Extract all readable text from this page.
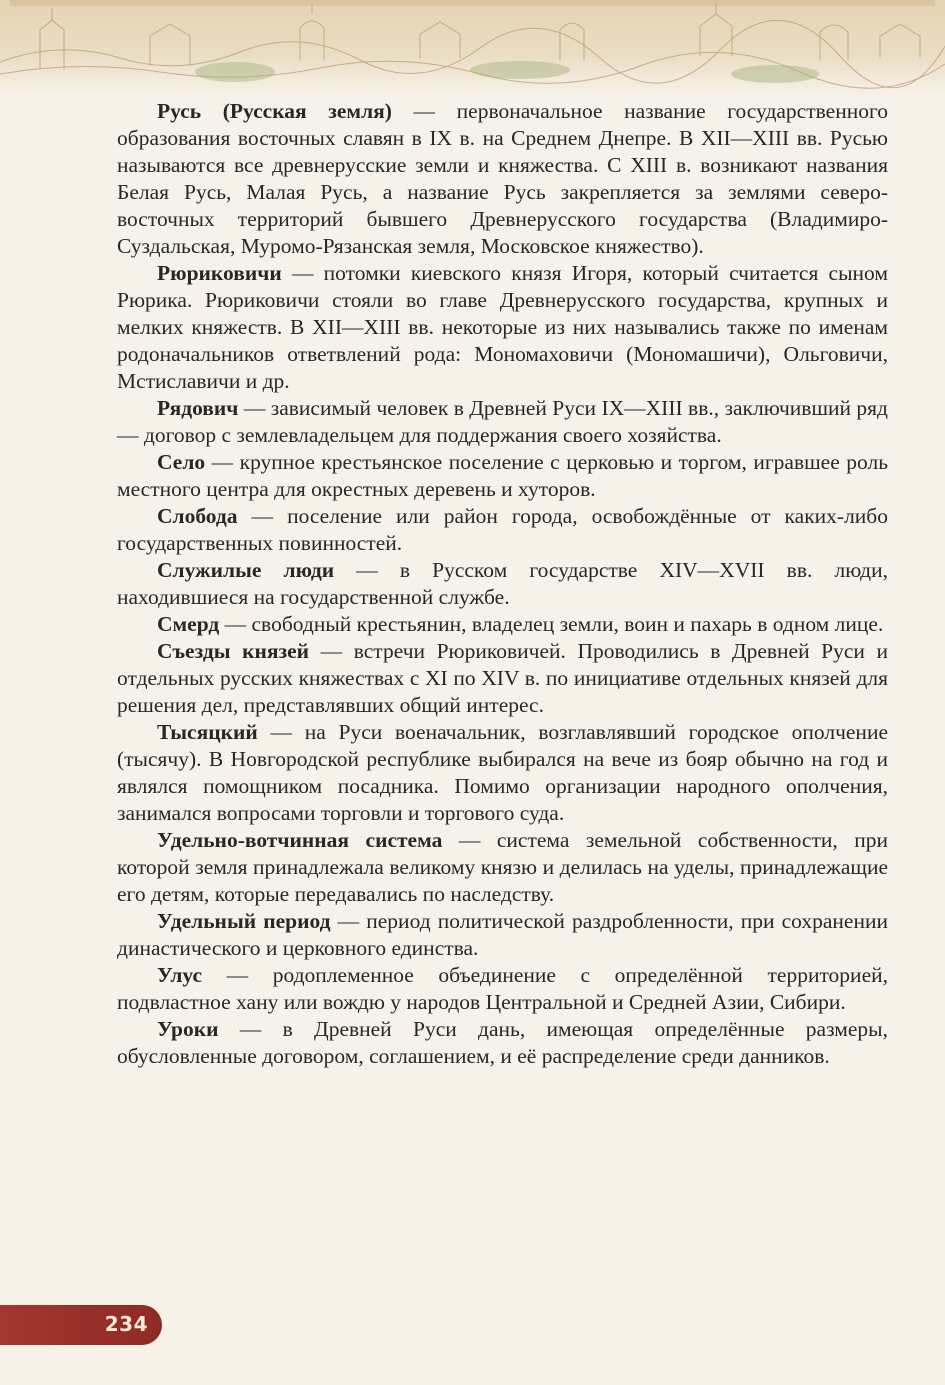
Русь (Русская земля) — первоначальное название государственного образования восточных славян в IX в. на Среднем Днепре. В XII—XIII вв. Русью называются все древнерусские земли и княжества. С XIII в. возникают названия Белая Русь, Малая Русь, а название Русь закрепляется за землями северо-восточных территорий бывшего Древнерусского государства (Владимиро-Суздальская, Муромо-Рязанская земля, Московское княжество).

Рюриковичи — потомки киевского князя Игоря, который считается сыном Рюрика. Рюриковичи стояли во главе Древнерусского государства, крупных и мелких княжеств. В XII—XIII вв. некоторые из них назывались также по именам родоначальников ответвлений рода: Мономаховичи (Мономашичи), Ольговичи, Мстиславичи и др.

Рядович — зависимый человек в Древней Руси IX—XIII вв., заключивший ряд — договор с землевладельцем для поддержания своего хозяйства.

Село — крупное крестьянское поселение с церковью и торгом, игравшее роль местного центра для окрестных деревень и хуторов.

Слобода — поселение или район города, освобождённые от каких-либо государственных повинностей.

Служилые люди — в Русском государстве XIV—XVII вв. люди, находившиеся на государственной службе.

Смерд — свободный крестьянин, владелец земли, воин и пахарь в одном лице.

Съезды князей — встречи Рюриковичей. Проводились в Древней Руси и отдельных русских княжествах с XI по XIV в. по инициативе отдельных князей для решения дел, представлявших общий интерес.

Тысяцкий — на Руси военачальник, возглавлявший городское ополчение (тысячу). В Новгородской республике выбирался на вече из бояр обычно на год и являлся помощником посадника. Помимо организации народного ополчения, занимался вопросами торговли и торгового суда.

Удельно-вотчинная система — система земельной собственности, при которой земля принадлежала великому князю и делилась на уделы, принадлежащие его детям, которые передавались по наследству.

Удельный период — период политической раздробленности, при сохранении династического и церковного единства.

Улус — родоплеменное объединение с определённой территорией, подвластное хану или вождю у народов Центральной и Средней Азии, Сибири.

Уроки — в Древней Руси дань, имеющая определённые размеры, обусловленные договором, соглашением, и её распределение среди данников.

234
